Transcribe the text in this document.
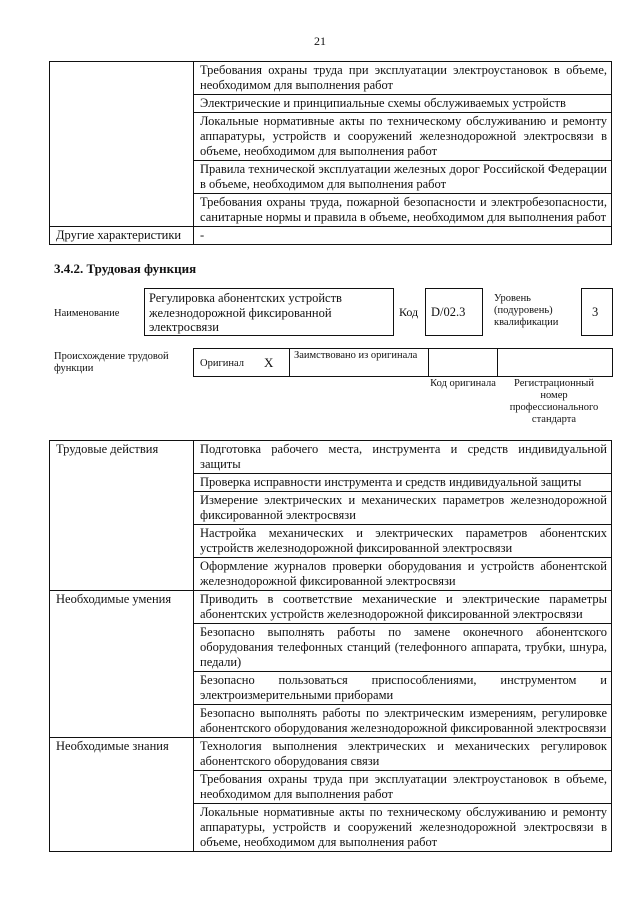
21
	Требования охраны труда при эксплуатации электроустановок в объеме, необходимом для выполнения работ
	Электрические и принципиальные схемы обслуживаемых устройств
	Локальные нормативные акты по техническому обслуживанию и ремонту аппаратуры, устройств и сооружений железнодорожной электросвязи в объеме, необходимом для выполнения работ
	Правила технической эксплуатации железных дорог Российской Федерации в объеме, необходимом для выполнения работ
	Требования охраны труда, пожарной безопасности и электробезопасности, санитарные нормы и правила в объеме, необходимом для выполнения работ
Другие характеристики	-
3.4.2. Трудовая функция
Наименование
Регулировка абонентских устройств железнодорожной фиксированной электросвязи
Код	D/02.3
Уровень (подуровень) квалификации
3
Происхождение трудовой функции	Оригинал X	Заимствовано из оригинала
Код оригинала	Регистрационный номер профессионального стандарта
Трудовые действия	Подготовка рабочего места, инструмента и средств индивидуальной защиты
	Проверка исправности инструмента и средств индивидуальной защиты
	Измерение электрических и механических параметров железнодорожной фиксированной электросвязи
	Настройка механических и электрических параметров абонентских устройств железнодорожной фиксированной электросвязи
	Оформление журналов проверки оборудования и устройств абонентской железнодорожной фиксированной электросвязи
Необходимые умения	Приводить в соответствие механические и электрические параметры абонентских устройств железнодорожной фиксированной электросвязи
	Безопасно выполнять работы по замене оконечного абонентского оборудования телефонных станций (телефонного аппарата, трубки, шнура, педали)
	Безопасно пользоваться приспособлениями, инструментом и электроизмерительными приборами
	Безопасно выполнять работы по электрическим измерениям, регулировке абонентского оборудования железнодорожной фиксированной электросвязи
Необходимые знания	Технология выполнения электрических и механических регулировок абонентского оборудования связи
	Требования охраны труда при эксплуатации электроустановок в объеме, необходимом для выполнения работ
	Локальные нормативные акты по техническому обслуживанию и ремонту аппаратуры, устройств и сооружений железнодорожной электросвязи в объеме, необходимом для выполнения работ
